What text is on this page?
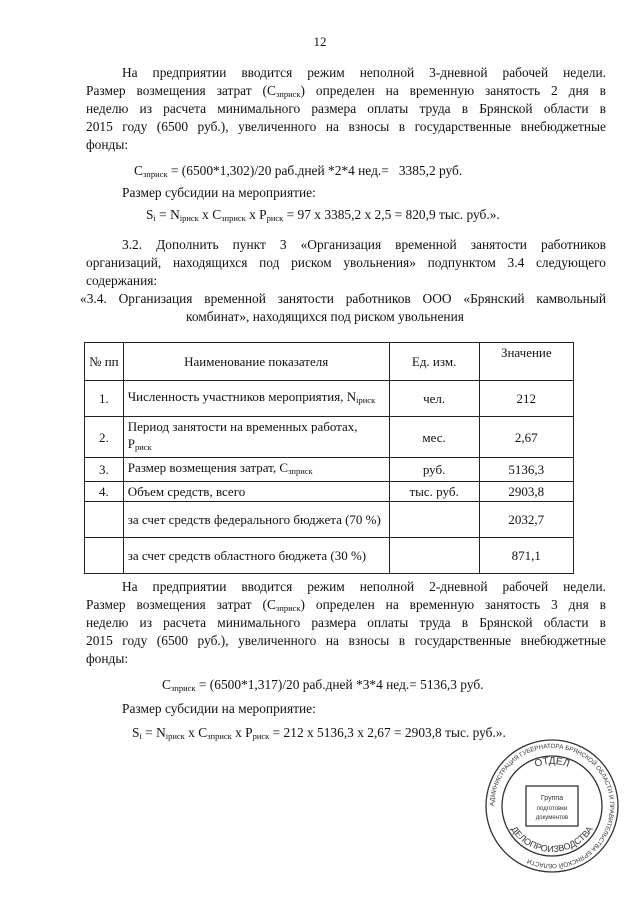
12
На предприятии вводится режим неполной 3-дневной рабочей недели.
Размер возмещения затрат $(С_{зприск})$ определен на временную занятость 2 дня в
неделю из расчета минимального размера оплаты труда в Брянской области в
2015 году (6500 руб.), увеличенного на взносы в государственные внебюджетные
фонды:
$С_{зприск} = (6500*1,302)/20$ раб.дней *2*4 нед.=   3385,2 руб.
Размер субсидии на мероприятие:
$S_i = N_{iриск}$ x $С_{зприск}$ x $Р_{риск} = 97$ x 3385,2 x 2,5 = 820,9 тыс. руб.».
3.2. Дополнить пункт 3 «Организация временной занятости работников
организаций, находящихся под риском увольнения» подпунктом 3.4 следующего
содержания:
«3.4. Организация временной занятости работников ООО «Брянский камвольный
комбинат», находящихся под риском увольнения
№ пп	Наименование показателя	Ед. изм.	Значение
1.	Численность участников мероприятия, $N_{iриск}$	чел.	212
2.	Период занятости на временных работах, $Р_{риск}$	мес.	2,67
3.	Размер возмещения затрат, $С_{зприск}$	руб.	5136,3
4.	Объем средств, всего	тыс. руб.	2903,8
	за счет средств федерального бюджета (70 %)		2032,7
	за счет средств областного бюджета (30 %)		871,1
На предприятии вводится режим неполной 2-дневной рабочей недели.
Размер возмещения затрат $(С_{зприск})$ определен на временную занятость 3 дня в
неделю из расчета минимального размера оплаты труда в Брянской области в
2015 году (6500 руб.), увеличенного на взносы в государственные внебюджетные
фонды:
$С_{зприск} = (6500*1,317)/20$ раб.дней *3*4 нед.= 5136,3 руб.
Размер субсидии на мероприятие:
$S_i = N_{iриск}$ x $С_{зприск}$ x $Р_{риск} = 212$ x 5136,3 x 2,67 = 2903,8 тыс. руб.».
АДМИНИСТРАЦИЯ ГУБЕРНАТОРА БРЯНСКОЙ ОБЛАСТИ И ПРАВИТЕЛЬСТВА БРЯНСКОЙ ОБЛАСТИ
ОТДЕЛ
ДЕЛОПРОИЗВОДСТВА
Группа
подготовки
документов
